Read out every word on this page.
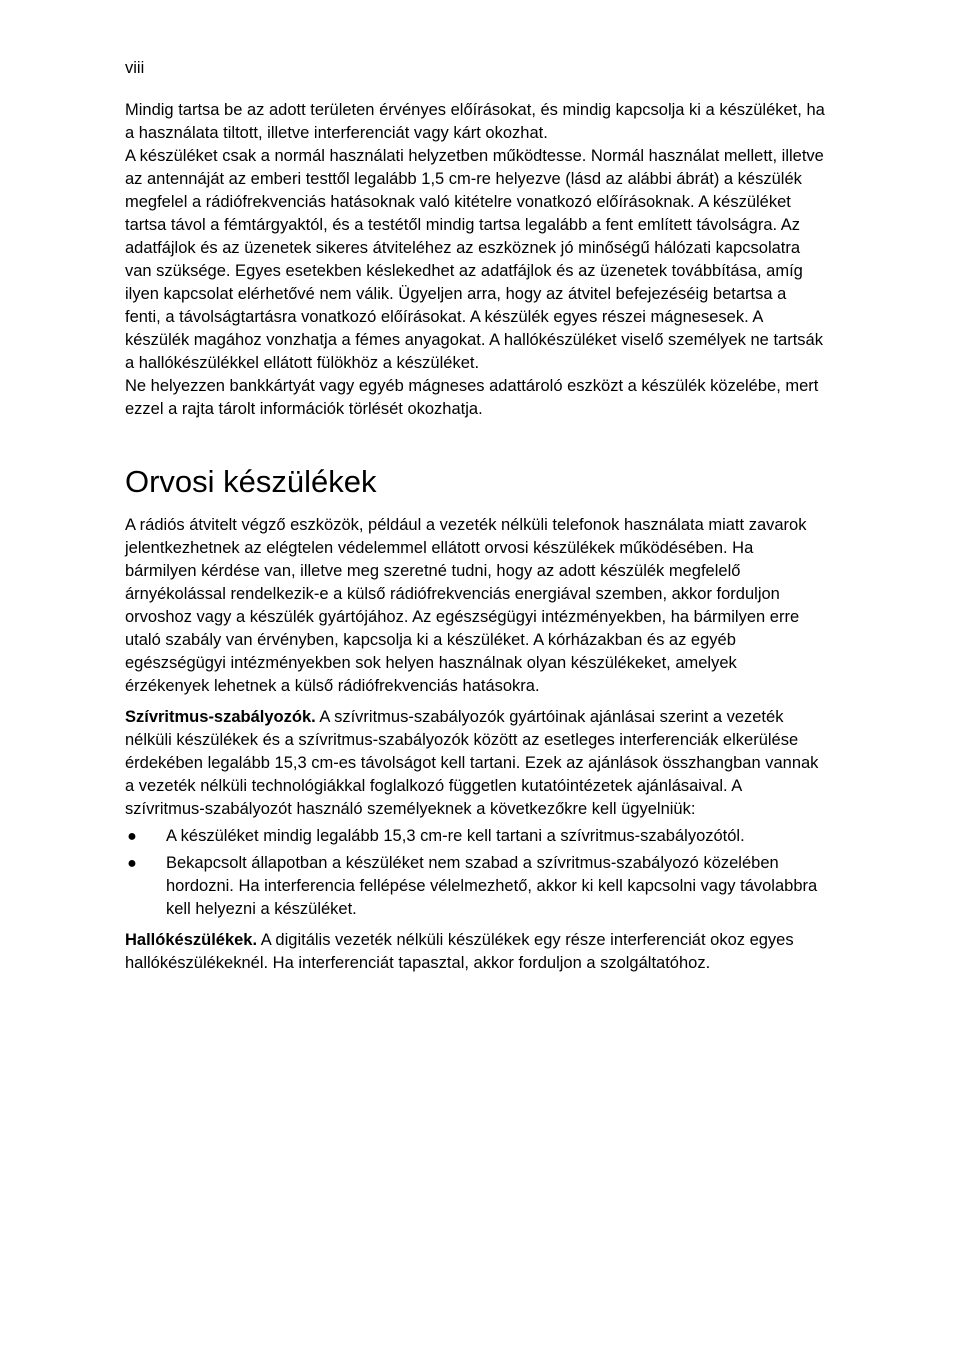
viii

Mindig tartsa be az adott területen érvényes előírásokat, és mindig kapcsolja ki a készüléket, ha a használata tiltott, illetve interferenciát vagy kárt okozhat.

A készüléket csak a normál használati helyzetben működtesse. Normál használat mellett, illetve az antennáját az emberi testtől legalább 1,5 cm-re helyezve (lásd az alábbi ábrát) a készülék megfelel a rádiófrekvenciás hatásoknak való kitételre vonatkozó előírásoknak. A készüléket tartsa távol a fémtárgyaktól, és a testétől mindig tartsa legalább a fent említett távolságra. Az adatfájlok és az üzenetek sikeres átviteléhez az eszköznek jó minőségű hálózati kapcsolatra van szüksége. Egyes esetekben késlekedhet az adatfájlok és az üzenetek továbbítása, amíg ilyen kapcsolat elérhetővé nem válik. Ügyeljen arra, hogy az átvitel befejezéséig betartsa a fenti, a távolságtartásra vonatkozó előírásokat. A készülék egyes részei mágnesesek. A készülék magához vonzhatja a fémes anyagokat. A hallókészüléket viselő személyek ne tartsák a hallókészülékkel ellátott fülökhöz a készüléket.

Ne helyezzen bankkártyát vagy egyéb mágneses adattároló eszközt a készülék közelébe, mert ezzel a rajta tárolt információk törlését okozhatja.

Orvosi készülékek

A rádiós átvitelt végző eszközök, például a vezeték nélküli telefonok használata miatt zavarok jelentkezhetnek az elégtelen védelemmel ellátott orvosi készülékek működésében. Ha bármilyen kérdése van, illetve meg szeretné tudni, hogy az adott készülék megfelelő árnyékolással rendelkezik-e a külső rádiófrekvenciás energiával szemben, akkor forduljon orvoshoz vagy a készülék gyártójához. Az egészségügyi intézményekben, ha bármilyen erre utaló szabály van érvényben, kapcsolja ki a készüléket. A kórházakban és az egyéb egészségügyi intézményekben sok helyen használnak olyan készülékeket, amelyek érzékenyek lehetnek a külső rádiófrekvenciás hatásokra.

Szívritmus-szabályozók. A szívritmus-szabályozók gyártóinak ajánlásai szerint a vezeték nélküli készülékek és a szívritmus-szabályozók között az esetleges interferenciák elkerülése érdekében legalább 15,3 cm-es távolságot kell tartani. Ezek az ajánlások összhangban vannak a vezeték nélküli technológiákkal foglalkozó független kutatóintézetek ajánlásaival. A szívritmus-szabályozót használó személyeknek a következőkre kell ügyelniük:

● A készüléket mindig legalább 15,3 cm-re kell tartani a szívritmus-szabályozótól.
● Bekapcsolt állapotban a készüléket nem szabad a szívritmus-szabályozó közelében hordozni. Ha interferencia fellépése vélelmezhető, akkor ki kell kapcsolni vagy távolabbra kell helyezni a készüléket.

Hallókészülékek. A digitális vezeték nélküli készülékek egy része interferenciát okoz egyes hallókészülékeknél. Ha interferenciát tapasztal, akkor forduljon a szolgáltatóhoz.
